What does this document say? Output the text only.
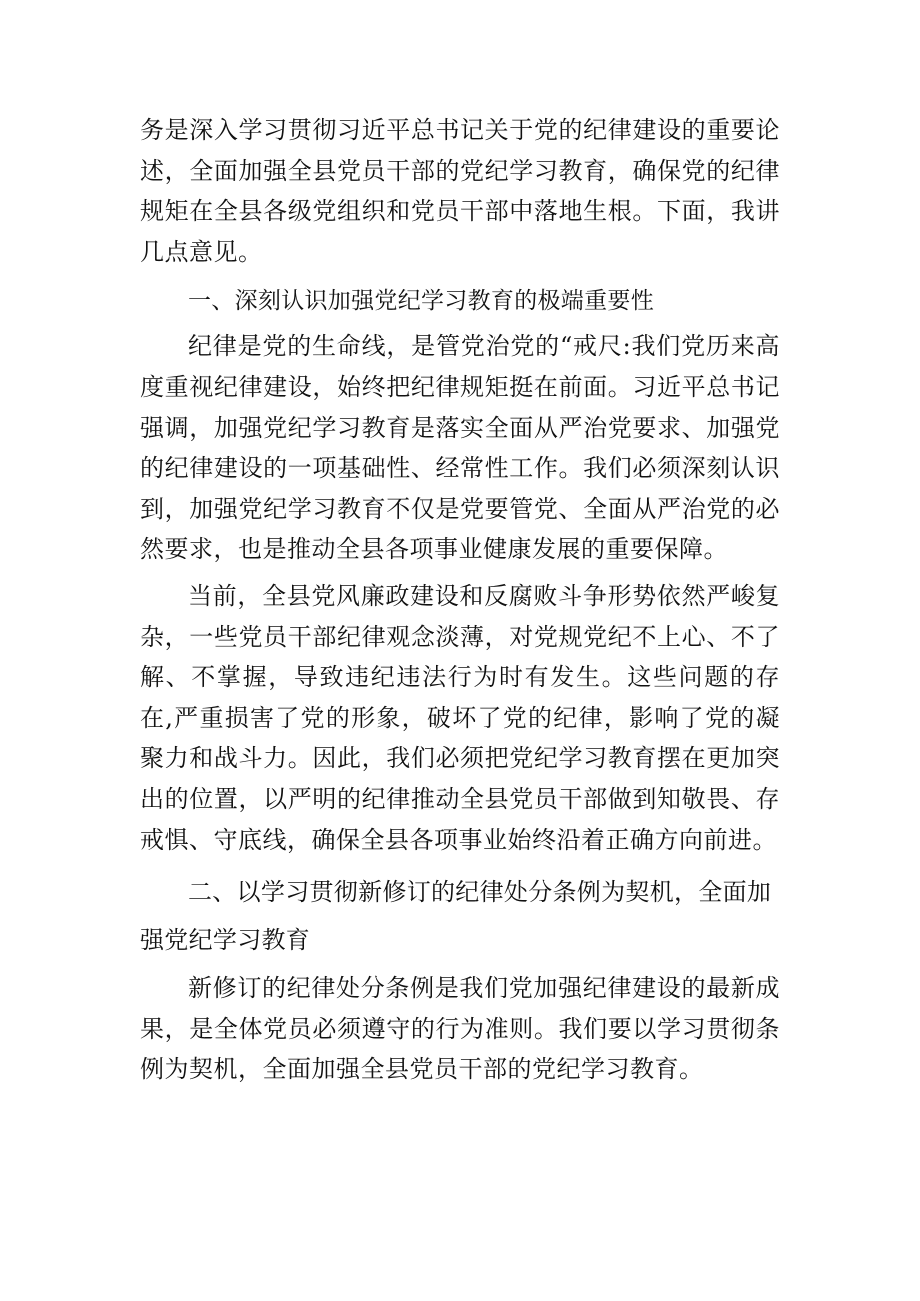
务是深入学习贯彻习近平总书记关于党的纪律建设的重要论述，全面加强全县党员干部的党纪学习教育，确保党的纪律规矩在全县各级党组织和党员干部中落地生根。下面，我讲几点意见。

一、深刻认识加强党纪学习教育的极端重要性

纪律是党的生命线，是管党治党的“戒尺:我们党历来高度重视纪律建设，始终把纪律规矩挺在前面。习近平总书记强调，加强党纪学习教育是落实全面从严治党要求、加强党的纪律建设的一项基础性、经常性工作。我们必须深刻认识到，加强党纪学习教育不仅是党要管党、全面从严治党的必然要求，也是推动全县各项事业健康发展的重要保障。

当前，全县党风廉政建设和反腐败斗争形势依然严峻复杂，一些党员干部纪律观念淡薄，对党规党纪不上心、不了解、不掌握，导致违纪违法行为时有发生。这些问题的存在,严重损害了党的形象，破坏了党的纪律，影响了党的凝聚力和战斗力。因此，我们必须把党纪学习教育摆在更加突出的位置，以严明的纪律推动全县党员干部做到知敬畏、存戒惧、守底线，确保全县各项事业始终沿着正确方向前进。

二、以学习贯彻新修订的纪律处分条例为契机，全面加强党纪学习教育

新修订的纪律处分条例是我们党加强纪律建设的最新成果，是全体党员必须遵守的行为准则。我们要以学习贯彻条例为契机，全面加强全县党员干部的党纪学习教育。
